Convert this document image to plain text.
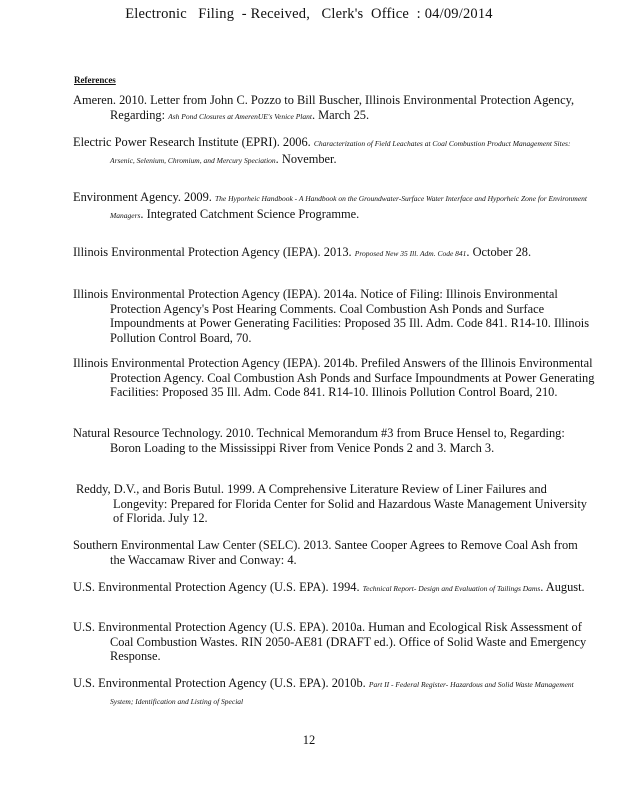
Electronic   Filing  - Received,   Clerk's  Office  : 04/09/2014
References
Ameren. 2010. Letter from John C. Pozzo to Bill Buscher, Illinois Environmental Protection Agency, Regarding: Ash Pond Closures at AmerenUE's Venice Plant. March 25.
Electric Power Research Institute (EPRI). 2006. Characterization of Field Leachates at Coal Combustion Product Management Sites: Arsenic, Selenium, Chromium, and Mercury Speciation. November.
Environment Agency. 2009. The Hyporheic Handbook - A Handbook on the Groundwater-Surface Water Interface and Hyporheic Zone for Environment Managers. Integrated Catchment Science Programme.
Illinois Environmental Protection Agency (IEPA). 2013. Proposed New 35 Ill. Adm. Code 841. October 28.
Illinois Environmental Protection Agency (IEPA). 2014a. Notice of Filing: Illinois Environmental Protection Agency's Post Hearing Comments. Coal Combustion Ash Ponds and Surface Impoundments at Power Generating Facilities: Proposed 35 Ill. Adm. Code 841. R14-10. Illinois Pollution Control Board, 70.
Illinois Environmental Protection Agency (IEPA). 2014b. Prefiled Answers of the Illinois Environmental Protection Agency. Coal Combustion Ash Ponds and Surface Impoundments at Power Generating Facilities: Proposed 35 Ill. Adm. Code 841. R14-10. Illinois Pollution Control Board, 210.
Natural Resource Technology. 2010. Technical Memorandum #3 from Bruce Hensel to, Regarding: Boron Loading to the Mississippi River from Venice Ponds 2 and 3. March 3.
Reddy, D.V., and Boris Butul. 1999. A Comprehensive Literature Review of Liner Failures and Longevity: Prepared for Florida Center for Solid and Hazardous Waste Management University of Florida. July 12.
Southern Environmental Law Center (SELC). 2013. Santee Cooper Agrees to Remove Coal Ash from the Waccamaw River and Conway: 4.
U.S. Environmental Protection Agency (U.S. EPA). 1994. Technical Report- Design and Evaluation of Tailings Dams. August.
U.S. Environmental Protection Agency (U.S. EPA). 2010a. Human and Ecological Risk Assessment of Coal Combustion Wastes. RIN 2050-AE81 (DRAFT ed.). Office of Solid Waste and Emergency Response.
U.S. Environmental Protection Agency (U.S. EPA). 2010b. Part II - Federal Register- Hazardous and Solid Waste Management System; Identification and Listing of Special
12
